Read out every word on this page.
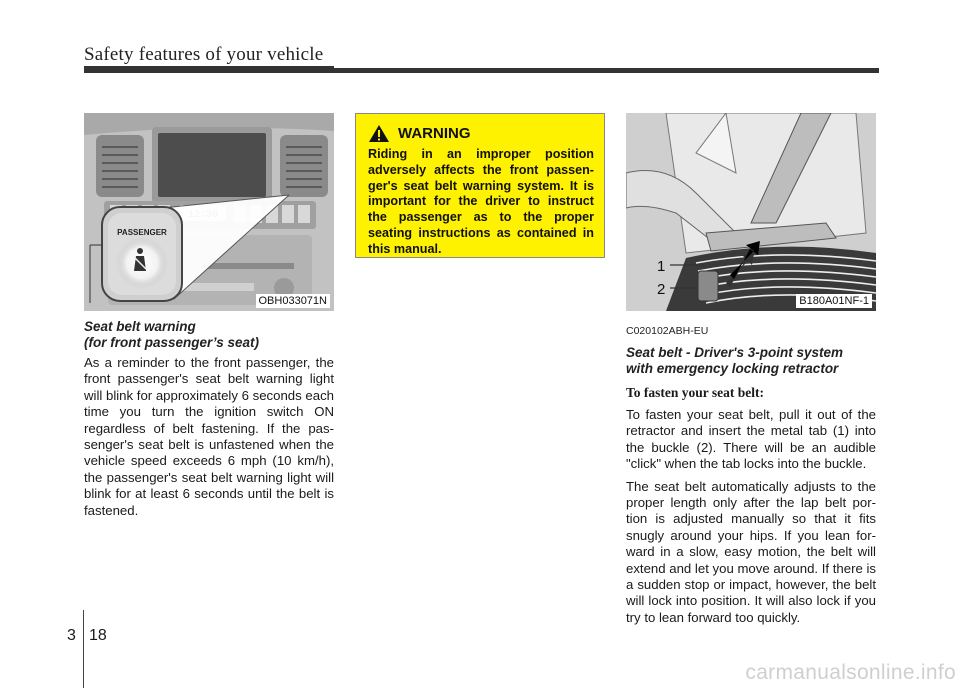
Safety features of your vehicle
PASSENGER
OBH033071N
Seat belt warning
(for front passenger’s seat)

As a reminder to the front passenger, the front passenger's seat belt warning light will blink for approximately 6 seconds each time you turn the ignition switch ON regardless of belt fastening. If the pas-senger's seat belt is unfastened when the vehicle speed exceeds 6 mph (10 km/h), the passenger's seat belt warning light will blink for at least 6 seconds until the belt is fastened.

WARNING

Riding in an improper position adversely affects the front passen-ger's seat belt warning system. It is important for the driver to instruct the passenger as to the proper seating instructions as contained in this manual.

1
2
B180A01NF-1
C020102ABH-EU
Seat belt - Driver's 3-point system
with emergency locking retractor
To fasten your seat belt:

To fasten your seat belt, pull it out of the retractor and insert the metal tab (1) into the buckle (2). There will be an audible "click" when the tab locks into the buckle.

The seat belt automatically adjusts to the proper length only after the lap belt por-tion is adjusted manually so that it fits snugly around your hips. If you lean for-ward in a slow, easy motion, the belt will extend and let you move around. If there is a sudden stop or impact, however, the belt will lock into position. It will also lock if you try to lean forward too quickly.

3 18
carmanualsonline.info
